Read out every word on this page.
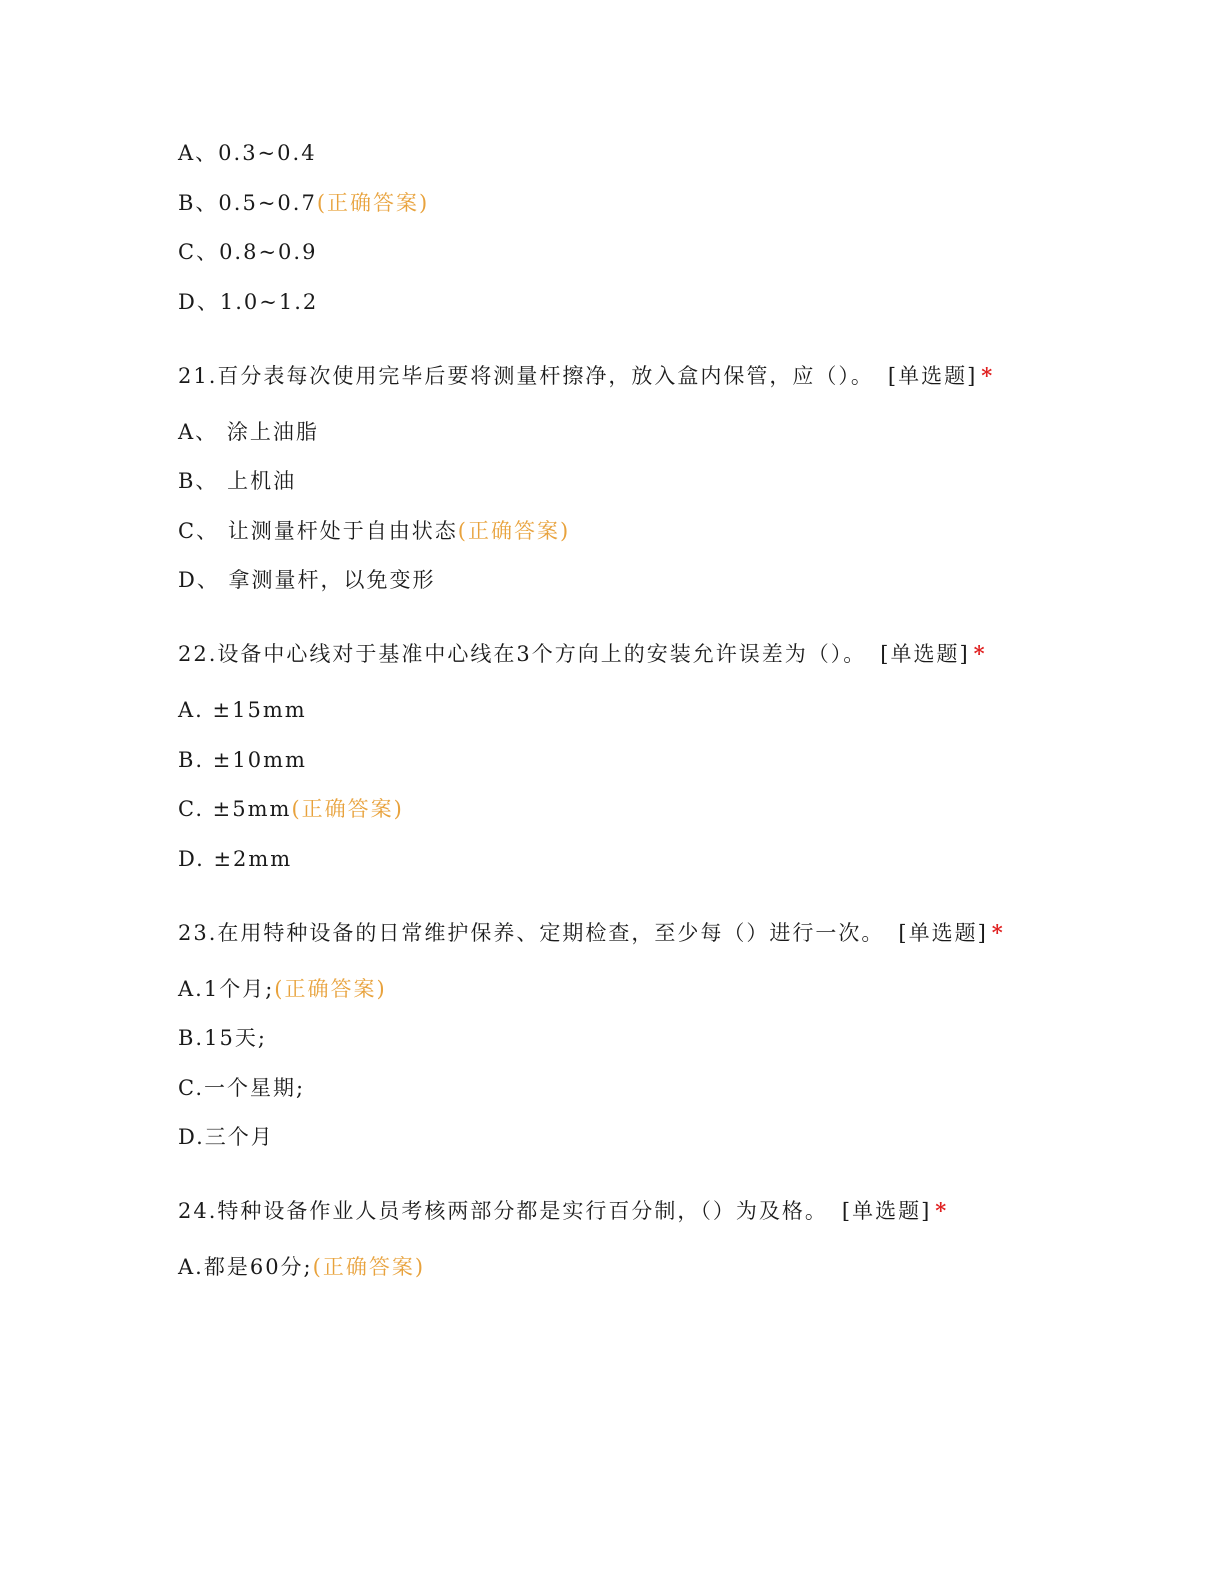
A、0.3~0.4
B、0.5~0.7(正确答案)
C、0.8~0.9
D、1.0~1.2
21.百分表每次使用完毕后要将测量杆擦净，放入盒内保管，应（）。 [单选题] *
A、 涂上油脂
B、 上机油
C、 让测量杆处于自由状态(正确答案)
D、 拿测量杆，以免变形
22.设备中心线对于基准中心线在3个方向上的安装允许误差为（）。 [单选题] *
A. ±15mm
B. ±10mm
C. ±5mm(正确答案)
D. ±2mm
23.在用特种设备的日常维护保养、定期检查，至少每（）进行一次。 [单选题] *
A.1个月;(正确答案)
B.15天;
C.一个星期;
D.三个月
24.特种设备作业人员考核两部分都是实行百分制，（）为及格。 [单选题] *
A.都是60分;(正确答案)
